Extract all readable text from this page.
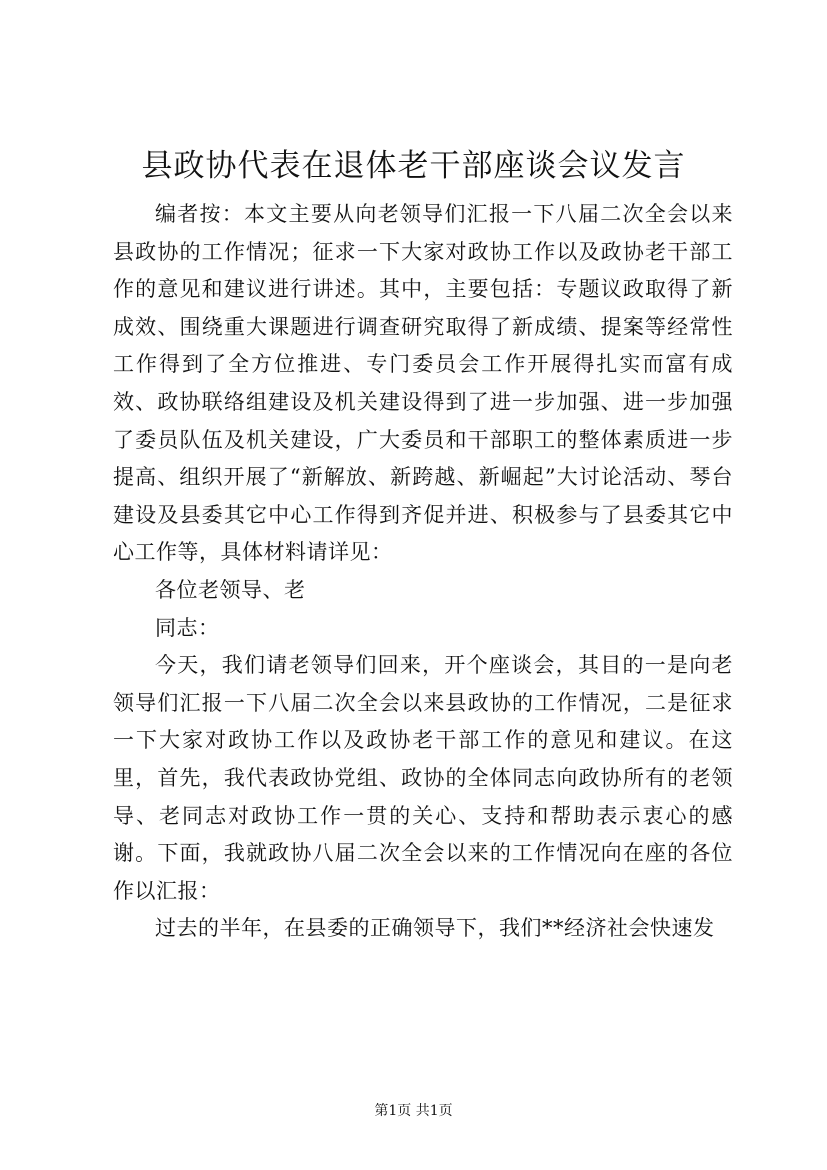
县政协代表在退体老干部座谈会议发言

编者按：本文主要从向老领导们汇报一下八届二次全会以来县政协的工作情况；征求一下大家对政协工作以及政协老干部工作的意见和建议进行讲述。其中，主要包括：专题议政取得了新成效、围绕重大课题进行调查研究取得了新成绩、提案等经常性工作得到了全方位推进、专门委员会工作开展得扎实而富有成效、政协联络组建设及机关建设得到了进一步加强、进一步加强了委员队伍及机关建设，广大委员和干部职工的整体素质进一步提高、组织开展了“新解放、新跨越、新崛起”大讨论活动、琴台建设及县委其它中心工作得到齐促并进、积极参与了县委其它中心工作等，具体材料请详见：

各位老领导、老

同志：

今天，我们请老领导们回来，开个座谈会，其目的一是向老领导们汇报一下八届二次全会以来县政协的工作情况，二是征求一下大家对政协工作以及政协老干部工作的意见和建议。在这里，首先，我代表政协党组、政协的全体同志向政协所有的老领导、老同志对政协工作一贯的关心、支持和帮助表示衷心的感谢。下面，我就政协八届二次全会以来的工作情况向在座的各位作以汇报：

过去的半年，在县委的正确领导下，我们**经济社会快速发

第1页 共1页
